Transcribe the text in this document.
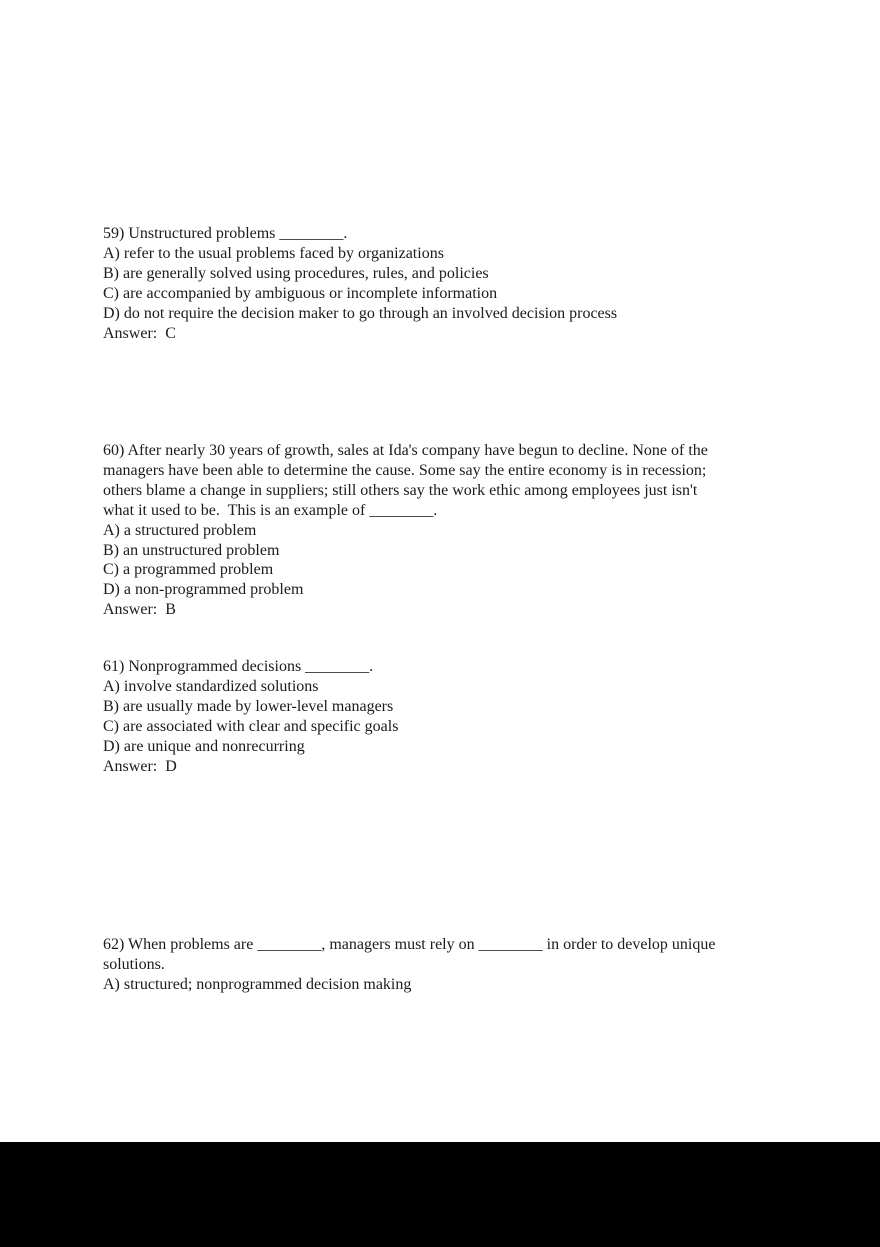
59) Unstructured problems ________.
A) refer to the usual problems faced by organizations
B) are generally solved using procedures, rules, and policies
C) are accompanied by ambiguous or incomplete information
D) do not require the decision maker to go through an involved decision process
Answer:  C
60) After nearly 30 years of growth, sales at Ida's company have begun to decline. None of the
managers have been able to determine the cause. Some say the entire economy is in recession;
others blame a change in suppliers; still others say the work ethic among employees just isn't
what it used to be.  This is an example of ________.
A) a structured problem
B) an unstructured problem
C) a programmed problem
D) a non-programmed problem
Answer:  B
61) Nonprogrammed decisions ________.
A) involve standardized solutions
B) are usually made by lower-level managers
C) are associated with clear and specific goals
D) are unique and nonrecurring
Answer:  D
62) When problems are ________, managers must rely on ________ in order to develop unique
solutions.
A) structured; nonprogrammed decision making
